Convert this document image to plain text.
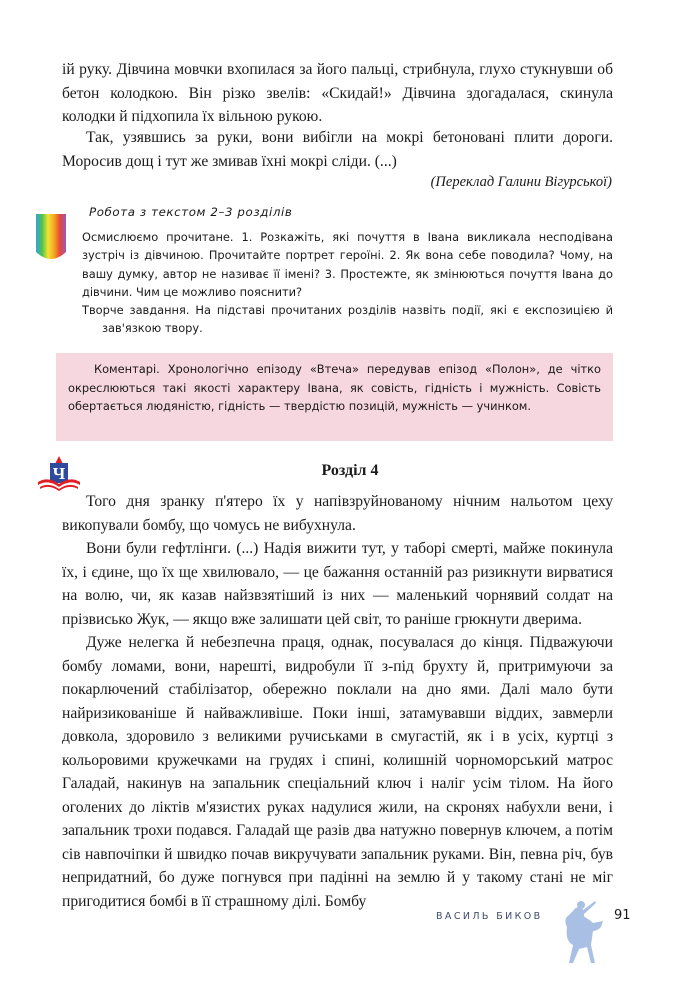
ій руку. Дівчина мовчки вхопилася за його пальці, стрибнула, глухо стукнувши об бетон колодкою. Він різко звелів: «Скидай!» Дівчина здогадалася, скинула колодки й підхопила їх вільною рукою.

Так, узявшись за руки, вони вибігли на мокрі бетоновані плити дороги. Моросив дощ і тут же змивав їхні мокрі сліди. (...)

(Переклад Галини Вігурської)

Робота з текстом 2–3 розділів

Осмислюємо прочитане. 1. Розкажіть, які почуття в Івана викликала несподівана зустріч із дівчиною. Прочитайте портрет героїні. 2. Як вона себе поводила? Чому, на вашу думку, автор не називає її імені? 3. Простежте, як змінюються почуття Івана до дівчини. Чим це можливо пояснити?

Творче завдання. На підставі прочитаних розділів назвіть події, які є експозицією й зав'язкою твору.

Коментарі. Хронологічно епізоду «Втеча» передував епізод «Полон», де чітко окреслюються такі якості характеру Івана, як совість, гідність і мужність. Совість обертається людяністю, гідність — твердістю позицій, мужність — учинком.
Ч	Розділ 4

Того дня зранку п'ятеро їх у напівзруйнованому нічним нальотом цеху викопували бомбу, що чомусь не вибухнула.

Вони були гефтлінги. (...) Надія вижити тут, у таборі смерті, майже покинула їх, і єдине, що їх ще хвилювало, — це бажання останній раз ризикнути вирватися на волю, чи, як казав найзвзятіший із них — маленький чорнявий солдат на прізвисько Жук, — якщо вже залишати цей світ, то раніше грюкнути дверима.

Дуже нелегка й небезпечна праця, однак, посувалася до кінця. Підважуючи бомбу ломами, вони, нарешті, видробули її з-під брухту й, притримуючи за покарлючений стабілізатор, обережно поклали на дно ями. Далі мало бути найризикованіше й найважливіше. Поки інші, затамувавши віддих, завмерли довкола, здоровило з великими ручиськами в смугастій, як і в усіх, куртці з кольоровими кружечками на грудях і спині, колишній чорноморський матрос Галадай, накинув на запальник спеціальний ключ і наліг усім тілом. На його оголених до ліктів м'язистих руках надулися жили, на скронях набухли вени, і запальник трохи подався. Галадай ще разів два натужно повернув ключем, а потім сів навпочіпки й швидко почав викручувати запальник руками. Він, певна річ, був непридатний, бо дуже погнувся при падінні на землю й у такому стані не міг пригодитися бомбі в її страшному ділі. Бомбу

ВАСИЛЬ БИКОВ	91
